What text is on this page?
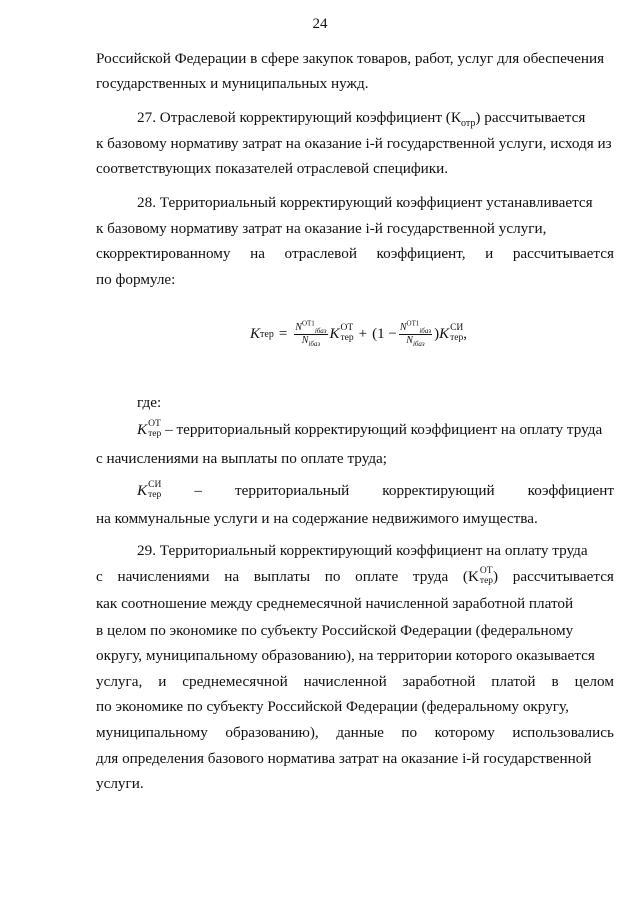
24
Российской Федерации в сфере закупок товаров, работ, услуг для обеспечения
государственных и муниципальных нужд.
27. Отраслевой корректирующий коэффициент $(К_{отр})$ рассчитывается
к базовому нормативу затрат на оказание i-й государственной услуги, исходя из
соответствующих показателей отраслевой специфики.
28. Территориальный корректирующий коэффициент устанавливается
к базовому нормативу затрат на оказание i-й государственной услуги,
скорректированному на отраслевой коэффициент, и рассчитывается
по формуле:
K тер = $\frac{N^{ОТ1}_{iбаз}}{N_{iбаз}}$ K ОТ
тер + ($1 - \frac{N^{ОТ1}_{iбаз}}{N_{iбаз}}$ ) K СИ
тер ,
где:
K ОТ
тер – территориальный корректирующий коэффициент на оплату труда
с начислениями на выплаты по оплате труда;
K СИ
тер – территориальный корректирующий коэффициент
на коммунальные услуги и на содержание недвижимого имущества.
29. Территориальный корректирующий коэффициент на оплату труда
с начислениями на выплаты по оплате труда (K ОТ
тер ) рассчитывается
как соотношение между среднемесячной начисленной заработной платой
в целом по экономике по субъекту Российской Федерации (федеральному
округу, муниципальному образованию), на территории которого оказывается
услуга, и среднемесячной начисленной заработной платой в целом
по экономике по субъекту Российской Федерации (федеральному округу,
муниципальному образованию), данные по которому использовались
для определения базового норматива затрат на оказание i-й государственной
услуги.
